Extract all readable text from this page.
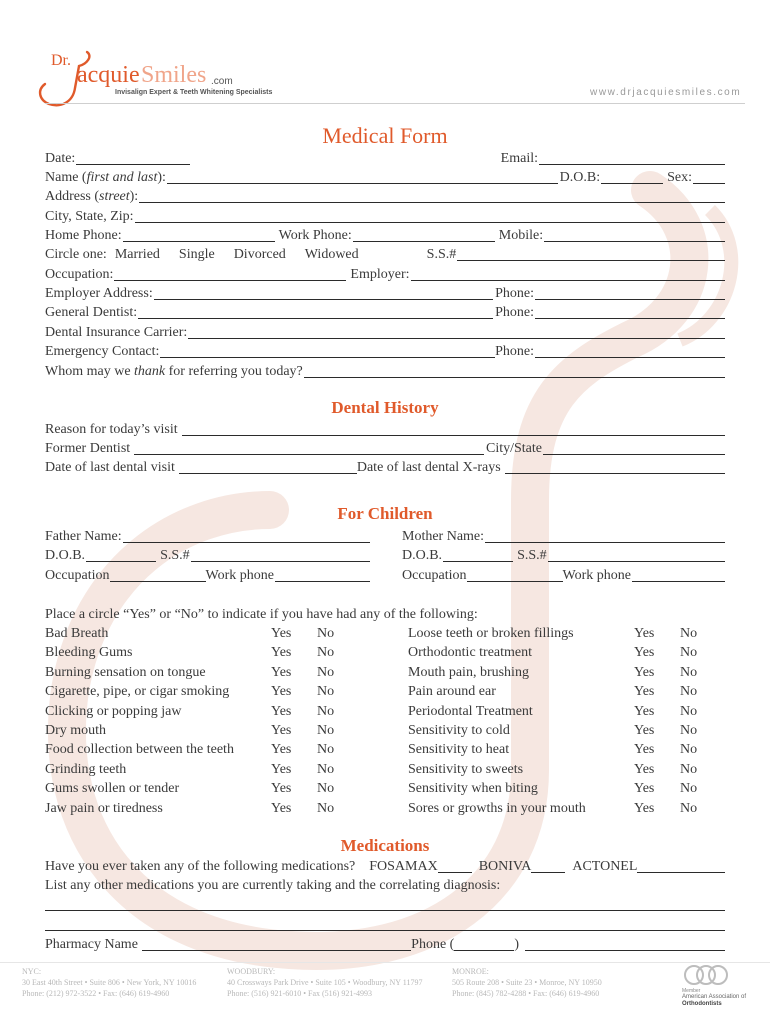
Dr.
acquie Smiles .com
Invisalign Expert & Teeth Whitening Specialists	www.drjacquiesmiles.com
Medical Form
Date:	Email:
Name (first and last):	D.O.B:	Sex:
Address (street):
City, State, Zip:
Home Phone:	Work Phone:	Mobile:
Circle one: Married Single Divorced Widowed	S.S.#
Occupation:	Employer:
Employer Address:	Phone:
General Dentist:	Phone:
Dental Insurance Carrier:
Emergency Contact:	Phone:
Whom may we thank for referring you today?
Dental History
Reason for today’s visit
Former Dentist	City/State
Date of last dental visit	Date of last dental X-rays
For Children
Father Name:	Mother Name:
D.O.B.	S.S.#	D.O.B.	S.S.#
Occupation	Work phone	Occupation	Work phone
Place a circle “Yes” or “No” to indicate if you have had any of the following:
Bad Breath	Yes No
Bleeding Gums	Yes No
Burning sensation on tongue	Yes No
Cigarette, pipe, or cigar smoking	Yes No
Clicking or popping jaw	Yes No
Dry mouth	Yes No
Food collection between the teeth	Yes No
Grinding teeth	Yes No
Gums swollen or tender	Yes No
Jaw pain or tiredness	Yes No
Loose teeth or broken fillings	Yes No
Orthodontic treatment	Yes No
Mouth pain, brushing	Yes No
Pain around ear	Yes No
Periodontal Treatment	Yes No
Sensitivity to cold	Yes No
Sensitivity to heat	Yes No
Sensitivity to sweets	Yes No
Sensitivity when biting	Yes No
Sores or growths in your mouth	Yes No
Medications
Have you ever taken any of the following medications? FOSAMAX	BONIVA	ACTONEL
List any other medications you are currently taking and the correlating diagnosis:
Pharmacy Name	Phone (	)
NYC:
30 East 40th Street • Suite 806 • New York, NY 10016
Phone: (212) 972-3522 • Fax: (646) 619-4960
WOODBURY:
40 Crossways Park Drive • Suite 105 • Woodbury, NY 11797
Phone: (516) 921-6010 • Fax (516) 921-4993
MONROE:
505 Route 208 • Suite 23 • Monroe, NY 10950
Phone: (845) 782-4288 • Fax: (646) 619-4960	Member
American Association of
Orthodontists
